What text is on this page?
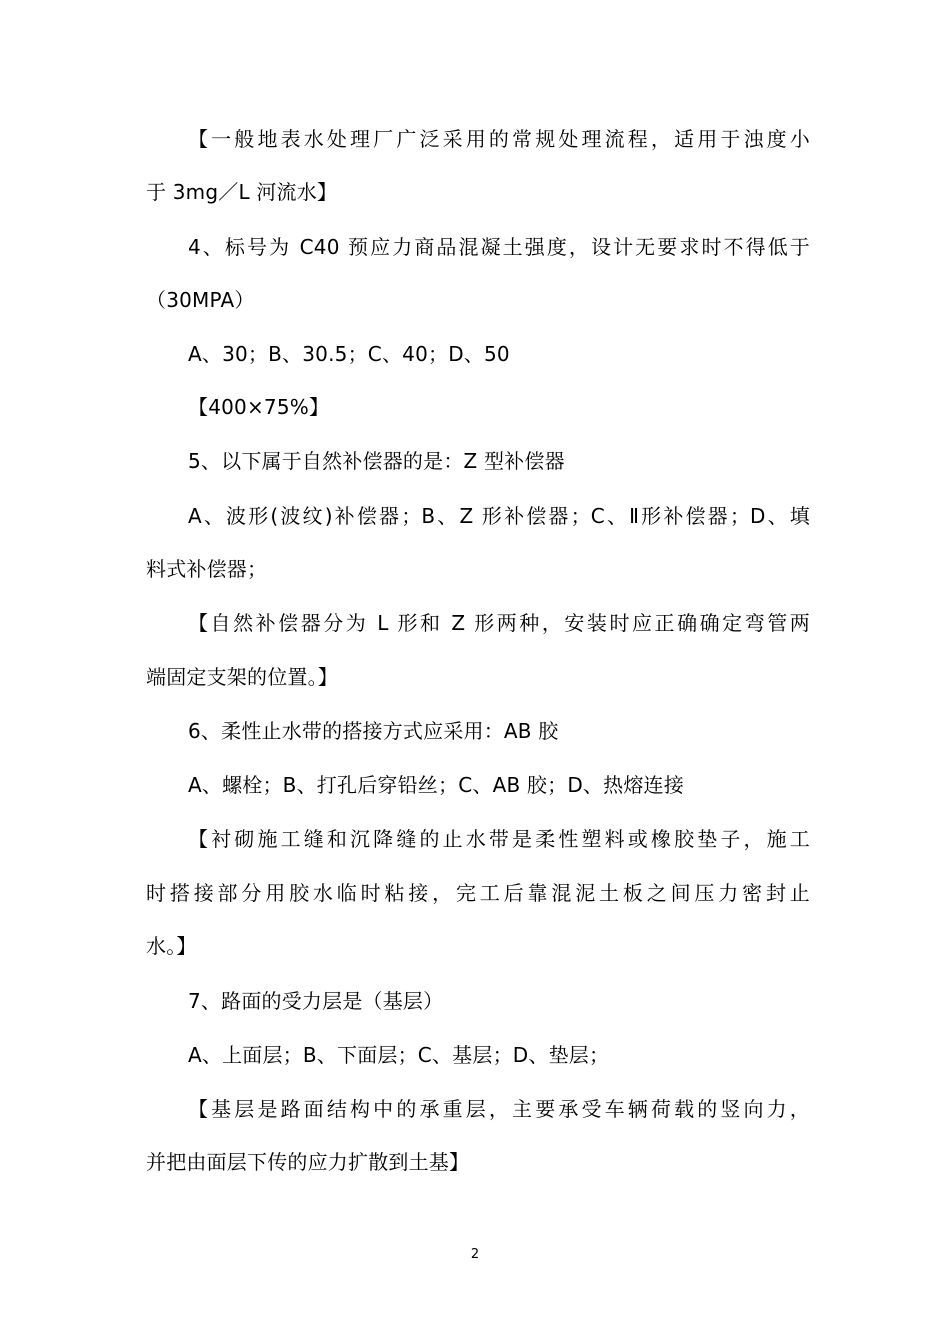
【一般地表水处理厂广泛采用的常规处理流程，适用于浊度小
于 3mg／L 河流水】
4、标号为 C40 预应力商品混凝土强度，设计无要求时不得低于
（30MPA）
A、30；B、30.5；C、40；D、50
【400×75%】
5、以下属于自然补偿器的是：Z 型补偿器
A、波形(波纹)补偿器；B、Z 形补偿器；C、Ⅱ形补偿器；D、填
料式补偿器；
【自然补偿器分为 L 形和 Z 形两种，安装时应正确确定弯管两
端固定支架的位置。】
6、柔性止水带的搭接方式应采用：AB 胶
A、螺栓；B、打孔后穿铅丝；C、AB 胶；D、热熔连接
【衬砌施工缝和沉降缝的止水带是柔性塑料或橡胶垫子，施工
时搭接部分用胶水临时粘接，完工后靠混泥土板之间压力密封止
水。】
7、路面的受力层是（基层）
A、上面层；B、下面层；C、基层；D、垫层；
【基层是路面结构中的承重层，主要承受车辆荷载的竖向力，
并把由面层下传的应力扩散到土基】
2
